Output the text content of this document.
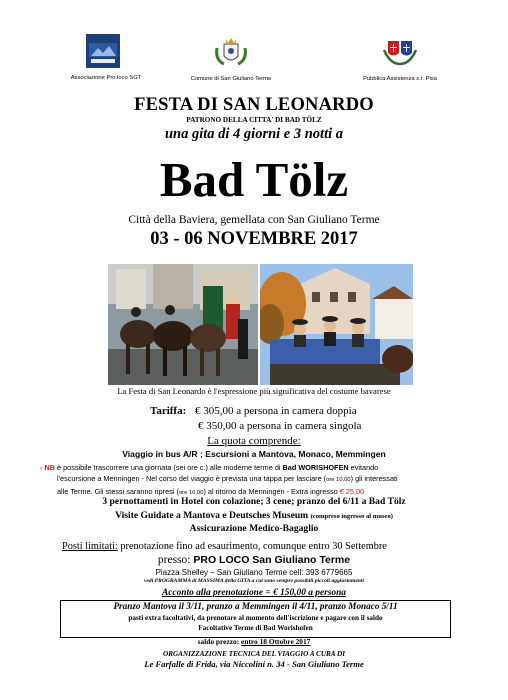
Associazione Pro loco SGT	Comune di San Giuliano Terme	Pubblica Assistenza s.r. Pisa
FESTA DI SAN LEONARDO
PATRONO DELLA CITTA' DI BAD TÖLZ
una gita di 4 giorni e 3 notti a
Bad Tölz
Città della Baviera, gemellata con San Giuliano Terme
03 - 06 NOVEMBRE 2017
La Festa di San Leonardo è l'espressione più significativa del costume bavarese
Tariffa: € 305,00 a persona in camera doppia
€ 350,00 a persona in camera singola
La quota comprende:
Viaggio in bus A/R ; Escursioni a Mantova, Monaco, Memmingen
- NB è possibile trascorrere una giornata (sei ore c.) alle moderne terme di Bad WORISHOFEN evitando
l'escursione a Menningen - Nel corso del viaggio è prevista una tappa per lasciare (ore 10,00) gli interessati
alle Terme. Gli stessi saranno ripresi (ore 16,00) al ritorno da Menningen - Extra ingresso € 25,00
3 pernottamenti in Hotel con colazione; 3 cene; pranzo del 6/11 a Bad Tölz
Visite Guidate a Mantova e Deutsches Museum (compreso ingresso al museo)
Assicurazione Medico-Bagaglio
Posti limitati: prenotazione fino ad esaurimento, comunque entro 30 Settembre
presso: PRO LOCO San Giuliano Terme
Piazza Shelley – San Giuliano Terme cell: 393 6779665
vedi PROGRAMMA di MASSIMA della GITA a cui sono sempre possibili piccoli aggiustamenti
Acconto alla prenotazione = € 150,00 a persona
Pranzo Mantova il 3/11, pranzo a Memmingen il 4/11, pranzo Monaco 5/11
pasti extra facoltativi, da prenotare al momento dell'iscrizione e pagare con il saldo
Facoltative Terme di Bad Worishofen
saldo prezzo: entro 18 Ottobre 2017
ORGANIZZAZIONE TECNICA DEL VIAGGIO A CURA DI
Le Farfalle di Frida, via Niccolini n. 34 - San Giuliano Terme
